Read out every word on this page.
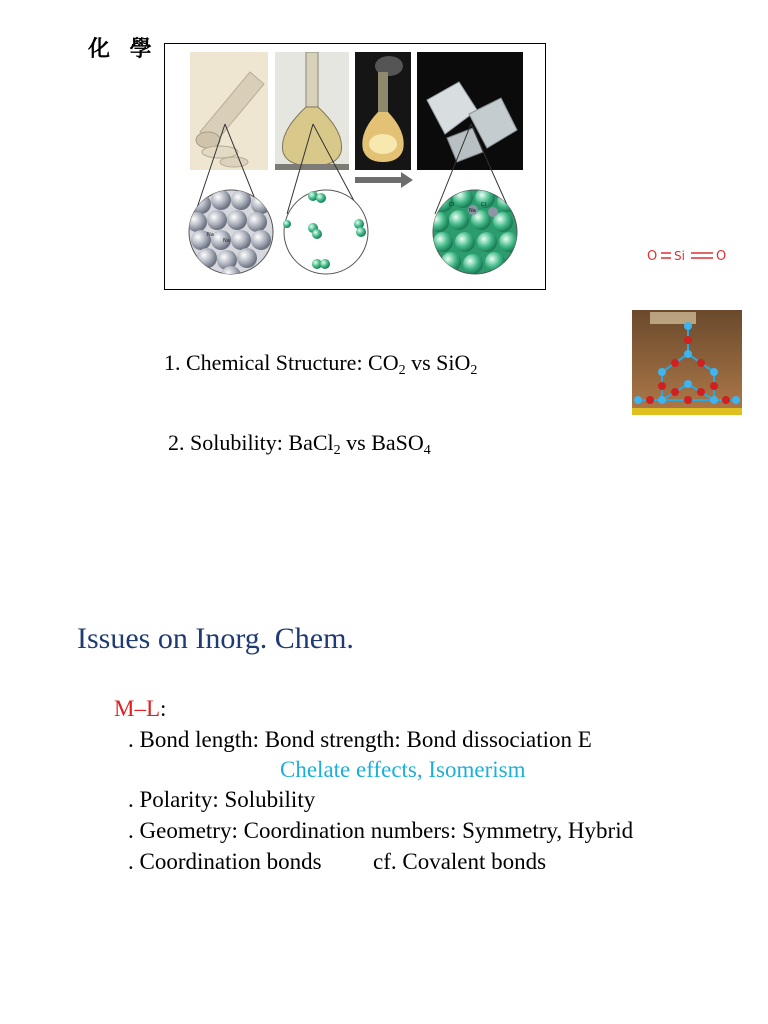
化 學
Na
Na
Cl
Na
Cl
O Si O
1. Chemical Structure: $CO_2$ vs SiO$_2$
2. Solubility: BaCl$_2$ vs BaSO$_4$
Issues on Inorg. Chem.
M–L:
. Bond length: Bond strength: Bond dissociation E
Chelate effects, Isomerism
. Polarity: Solubility
. Geometry: Coordination numbers: Symmetry, Hybrid
. Coordination bonds cf. Covalent bonds
